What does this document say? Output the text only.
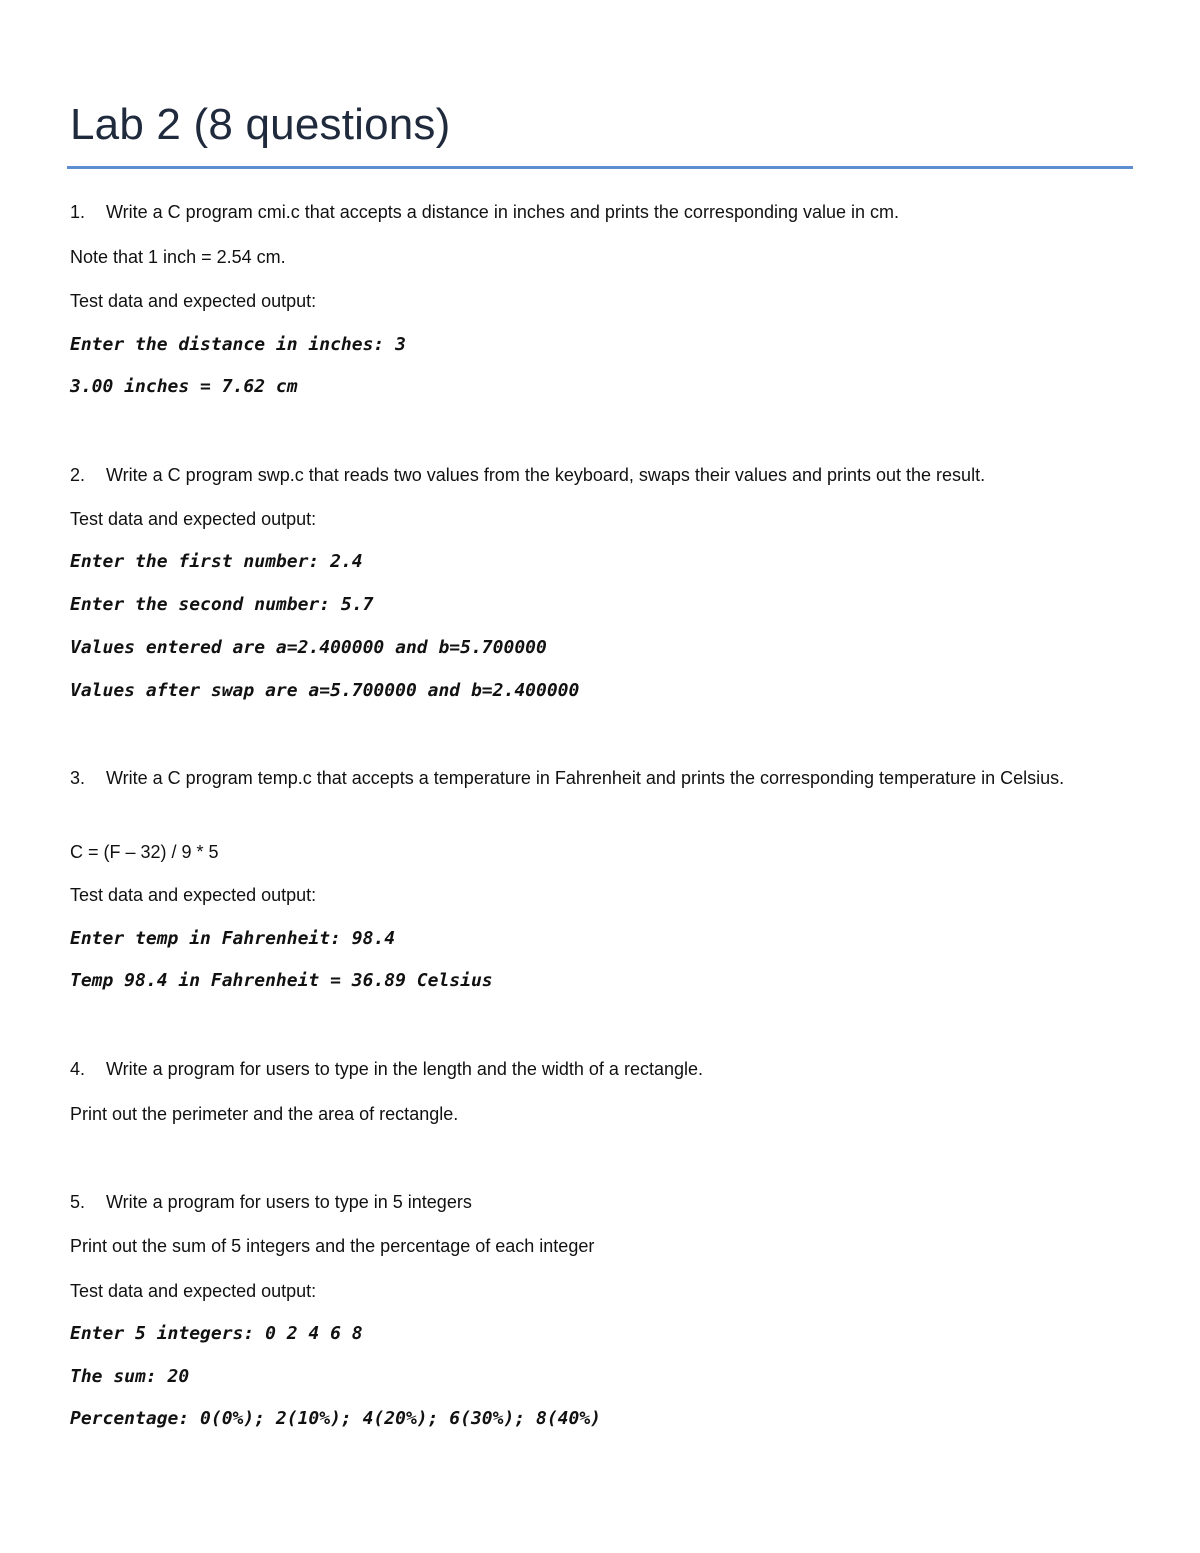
Lab 2 (8 questions)

1. Write a C program cmi.c that accepts a distance in inches and prints the corresponding value in cm.

Note that 1 inch = 2.54 cm.

Test data and expected output:

Enter the distance in inches: 3

3.00 inches = 7.62 cm

2. Write a C program swp.c that reads two values from the keyboard, swaps their values and prints out the result.

Test data and expected output:

Enter the first number: 2.4

Enter the second number: 5.7

Values entered are a=2.400000 and b=5.700000

Values after swap are a=5.700000 and b=2.400000

3. Write a C program temp.c that accepts a temperature in Fahrenheit and prints the corresponding temperature in Celsius.

C = (F – 32) / 9 * 5

Test data and expected output:

Enter temp in Fahrenheit: 98.4

Temp 98.4 in Fahrenheit = 36.89 Celsius

4. Write a program for users to type in the length and the width of a rectangle.

Print out the perimeter and the area of rectangle.

5. Write a program for users to type in 5 integers

Print out the sum of 5 integers and the percentage of each integer

Test data and expected output:

Enter 5 integers: 0 2 4 6 8

The sum: 20

Percentage: 0(0%); 2(10%); 4(20%); 6(30%); 8(40%)
